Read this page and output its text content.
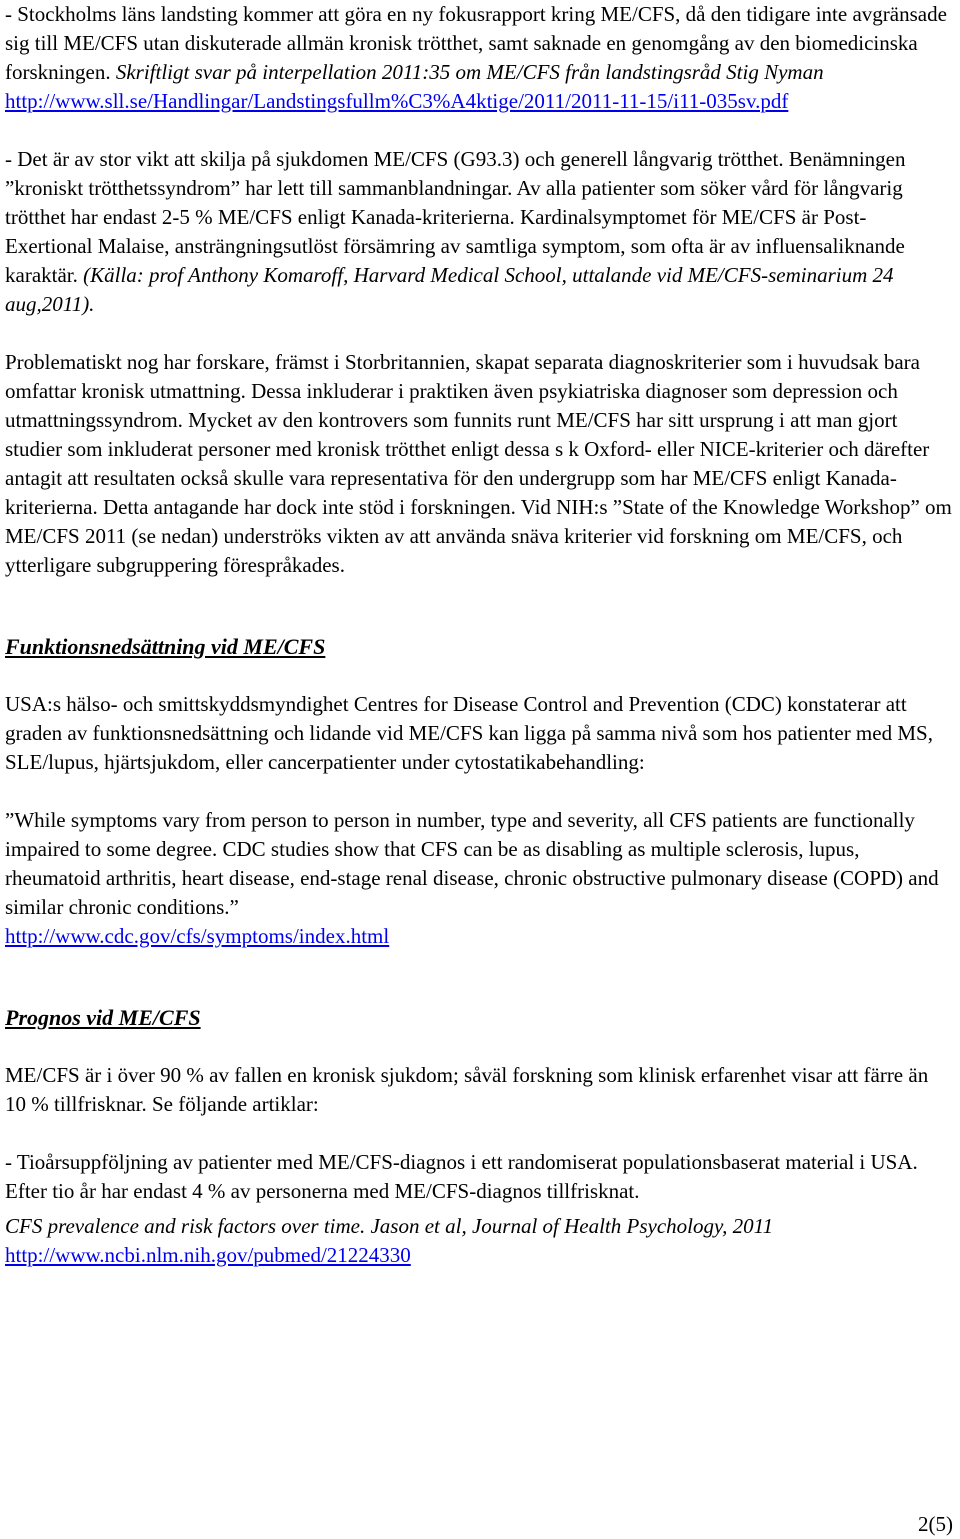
- Stockholms läns landsting kommer att göra en ny fokusrapport kring ME/CFS, då den tidigare inte avgränsade sig till ME/CFS utan diskuterade allmän kronisk trötthet, samt saknade en genomgång av den biomedicinska forskningen. Skriftligt svar på interpellation 2011:35 om ME/CFS från landstingsråd Stig Nyman
http://www.sll.se/Handlingar/Landstingsfullm%C3%A4ktige/2011/2011-11-15/i11-035sv.pdf

- Det är av stor vikt att skilja på sjukdomen ME/CFS (G93.3) och generell långvarig trötthet. Benämningen ”kroniskt trötthetssyndrom” har lett till sammanblandningar. Av alla patienter som söker vård för långvarig trötthet har endast 2-5 % ME/CFS enligt Kanada-kriterierna. Kardinalsymptomet för ME/CFS är Post-Exertional Malaise, ansträngningsutlöst försämring av samtliga symptom, som ofta är av influensaliknande karaktär. (Källa: prof Anthony Komaroff, Harvard Medical School, uttalande vid ME/CFS-seminarium 24 aug,2011).

Problematiskt nog har forskare, främst i Storbritannien, skapat separata diagnoskriterier som i huvudsak bara omfattar kronisk utmattning. Dessa inkluderar i praktiken även psykiatriska diagnoser som depression och utmattningssyndrom. Mycket av den kontrovers som funnits runt ME/CFS har sitt ursprung i att man gjort studier som inkluderat personer med kronisk trötthet enligt dessa s k Oxford- eller NICE-kriterier och därefter antagit att resultaten också skulle vara representativa för den undergrupp som har ME/CFS enligt Kanada-kriterierna. Detta antagande har dock inte stöd i forskningen. Vid NIH:s ”State of the Knowledge Workshop” om ME/CFS 2011 (se nedan) underströks vikten av att använda snäva kriterier vid forskning om ME/CFS, och ytterligare subgruppering förespråkades.

Funktionsnedsättning vid ME/CFS

USA:s hälso- och smittskyddsmyndighet Centres for Disease Control and Prevention (CDC) konstaterar att graden av funktionsnedsättning och lidande vid ME/CFS kan ligga på samma nivå som hos patienter med MS, SLE/lupus, hjärtsjukdom, eller cancerpatienter under cytostatikabehandling:

”While symptoms vary from person to person in number, type and severity, all CFS patients are functionally impaired to some degree. CDC studies show that CFS can be as disabling as multiple sclerosis, lupus, rheumatoid arthritis, heart disease, end-stage renal disease, chronic obstructive pulmonary disease (COPD) and similar chronic conditions.”
http://www.cdc.gov/cfs/symptoms/index.html

Prognos vid ME/CFS

ME/CFS är i över 90 % av fallen en kronisk sjukdom; såväl forskning som klinisk erfarenhet visar att färre än 10 % tillfrisknar. Se följande artiklar:

- Tioårsuppföljning av patienter med ME/CFS-diagnos i ett randomiserat populationsbaserat material i USA. Efter tio år har endast 4 % av personerna med ME/CFS-diagnos tillfrisknat.

CFS prevalence and risk factors over time. Jason et al, Journal of Health Psychology, 2011
http://www.ncbi.nlm.nih.gov/pubmed/21224330

2(5)
